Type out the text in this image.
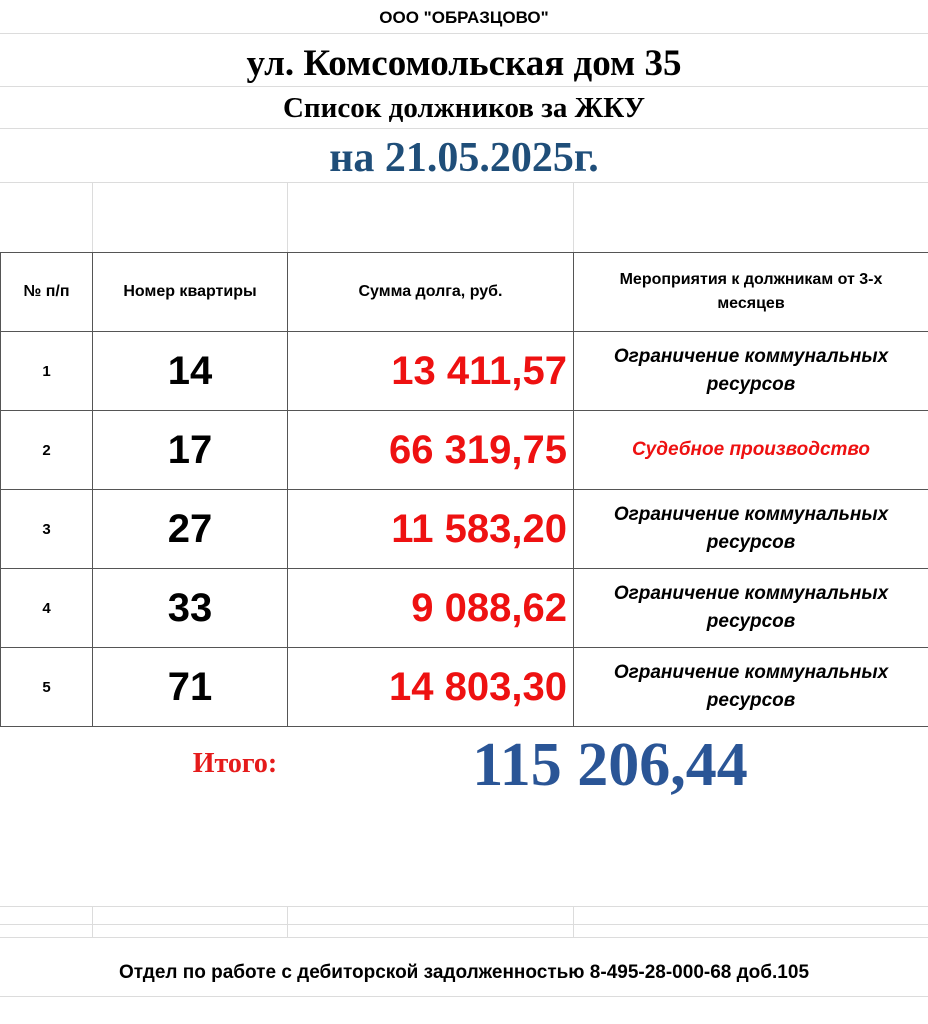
ООО "ОБРАЗЦОВО"
ул. Комсомольская дом 35
Список должников за ЖКУ
на 21.05.2025г.
№ п/п	Номер квартиры	Сумма долга, руб.	Мероприятия к должникам от 3-х месяцев
1	14	13 411,57	Ограничение коммунальных ресурсов
2	17	66 319,75	Судебное производство
3	27	11 583,20	Ограничение коммунальных ресурсов
4	33	9 088,62	Ограничение коммунальных ресурсов
5	71	14 803,30	Ограничение коммунальных ресурсов
Итого:	115 206,44
Отдел по работе с дебиторской задолженностью 8-495-28-000-68 доб.105
